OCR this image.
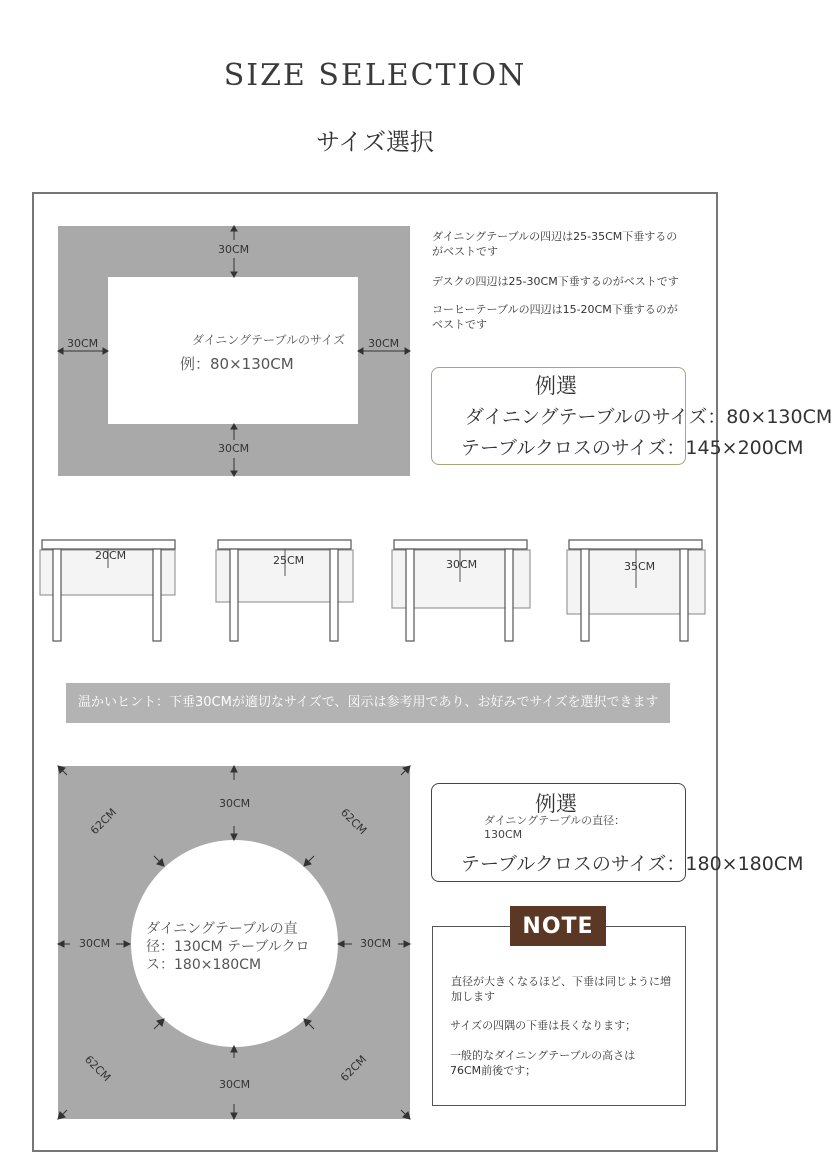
SIZE SELECTION
サイズ選択
30CM
30CM
30CM	30CM
ダイニングテーブルのサイズ
例：80×130CM
ダイニングテーブルの四辺は25-35CM下垂するのがベストです
デスクの四辺は25-30CM下垂するのがベストです
コーヒーテーブルの四辺は15-20CM下垂するのがベストです
例選
ダイニングテーブルのサイズ：80×130CM
テーブルクロスのサイズ：145×200CM
20CM	25CM	30CM	35CM
温かいヒント：下垂30CMが適切なサイズで、図示は参考用であり、お好みでサイズを選択できます
30CM
30CM
30CM	30CM
62CM	62CM
62CM	62CM
ダイニングテーブルの直径：130CM テーブルクロス：180×180CM
例選
ダイニングテーブルの直径：130CM
テーブルクロスのサイズ：180×180CM
NOTE
直径が大きくなるほど、下垂は同じように増加します
サイズの四隅の下垂は長くなります；
一般的なダイニングテーブルの高さは76CM前後です；
